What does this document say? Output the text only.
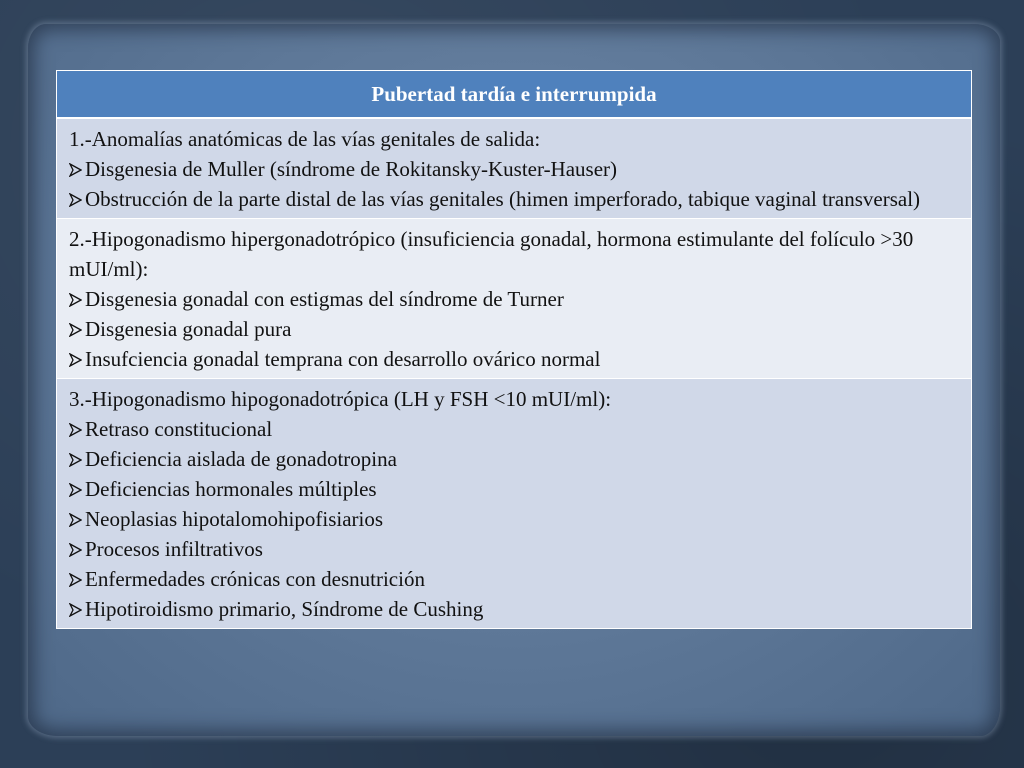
Pubertad tardía e interrumpida

1.-Anomalías anatómicas de las vías genitales de salida:
Disgenesia de Muller (síndrome de Rokitansky-Kuster-Hauser)
Obstrucción de la parte distal de las vías genitales (himen imperforado, tabique vaginal transversal)

2.-Hipogonadismo hipergonadotrópico (insuficiencia gonadal, hormona estimulante del folículo >30 mUI/ml):
Disgenesia gonadal con estigmas del síndrome de Turner
Disgenesia gonadal pura
Insufciencia gonadal temprana con desarrollo ovárico normal

3.-Hipogonadismo hipogonadotrópica (LH y FSH <10 mUI/ml):
Retraso constitucional
Deficiencia aislada de gonadotropina
Deficiencias hormonales múltiples
Neoplasias hipotalomohipofisiarios
Procesos infiltrativos
Enfermedades crónicas con desnutrición
Hipotiroidismo primario, Síndrome de Cushing
